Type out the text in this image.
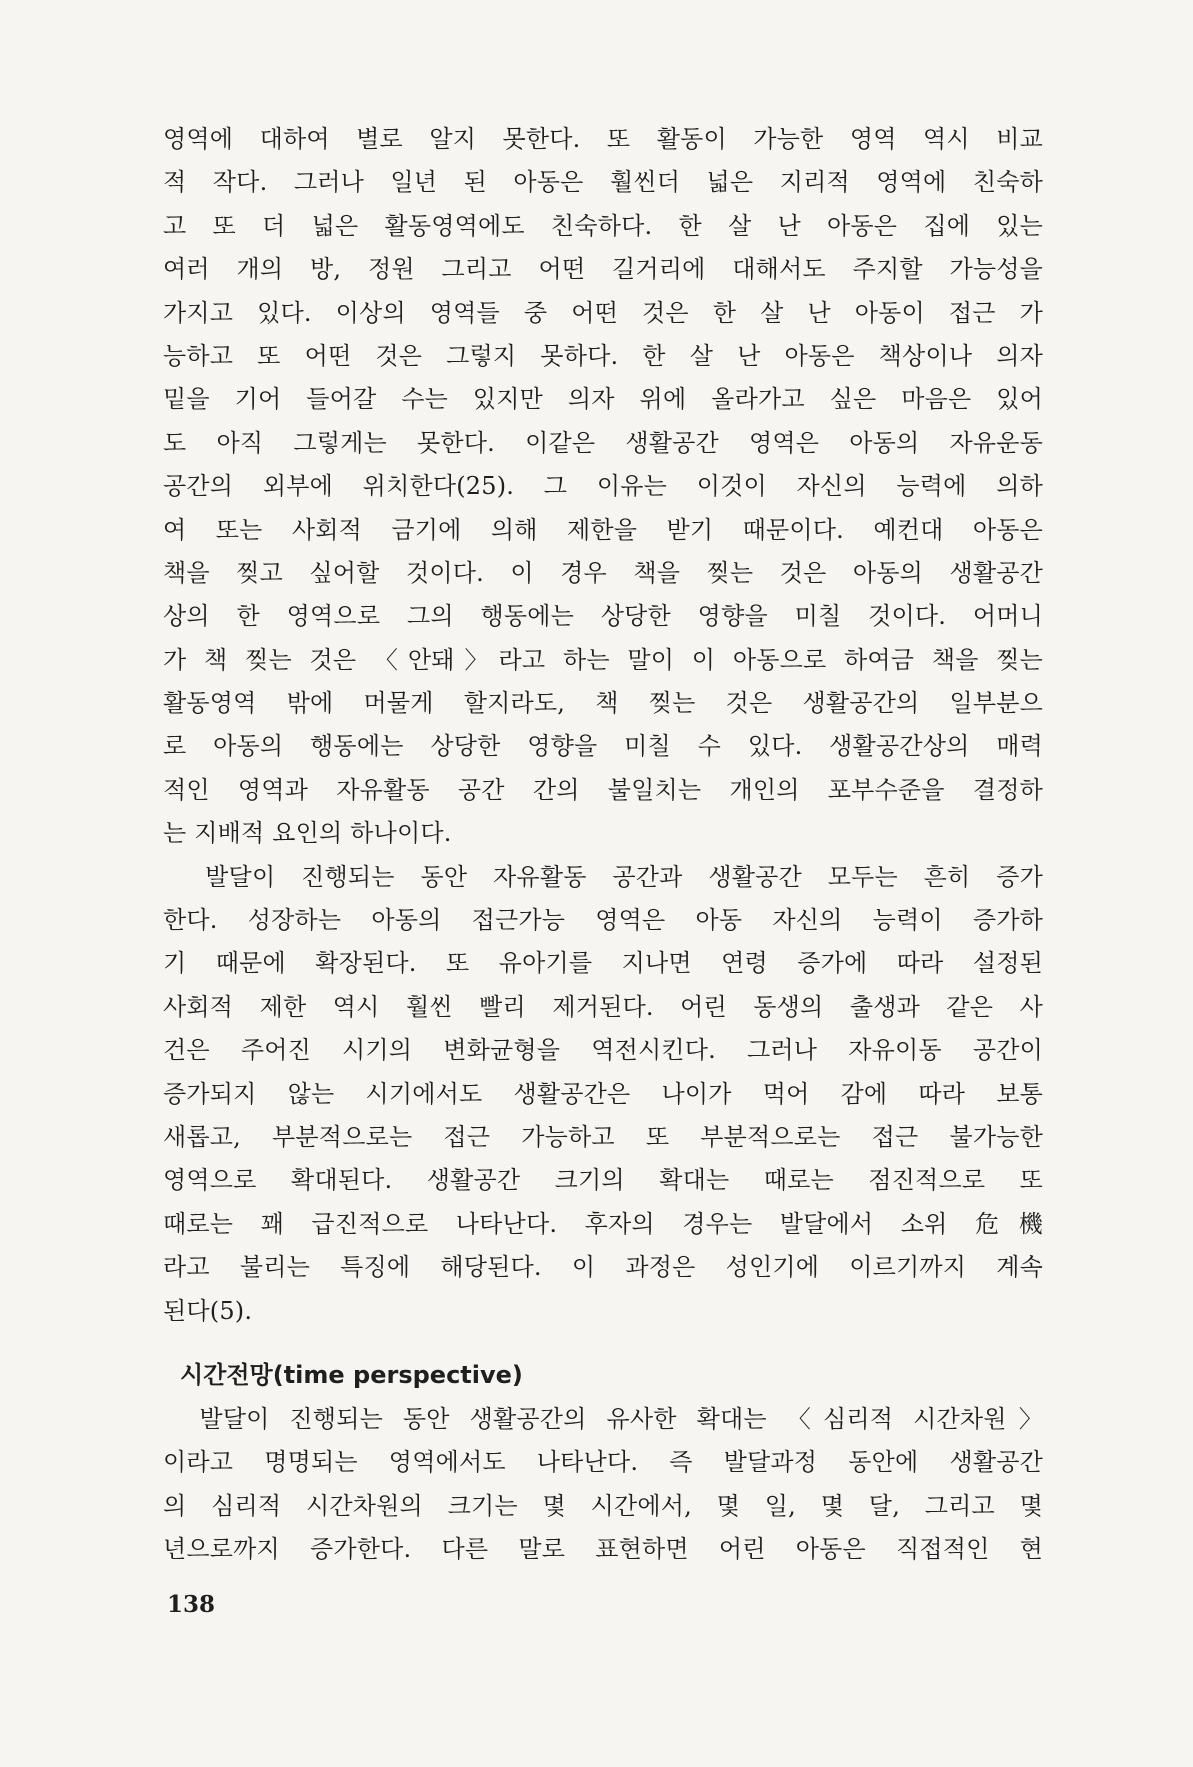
영역에 대하여 별로 알지 못한다. 또 활동이 가능한 영역 역시 비교
적 작다. 그러나 일년 된 아동은 훨씬더 넓은 지리적 영역에 친숙하
고 또 더 넓은 활동영역에도 친숙하다. 한 살 난 아동은 집에 있는
여러 개의 방, 정원 그리고 어떤 길거리에 대해서도 주지할 가능성을
가지고 있다. 이상의 영역들 중 어떤 것은 한 살 난 아동이 접근 가
능하고 또 어떤 것은 그렇지 못하다. 한 살 난 아동은 책상이나 의자
밑을 기어 들어갈 수는 있지만 의자 위에 올라가고 싶은 마음은 있어
도 아직 그렇게는 못한다. 이같은 생활공간 영역은 아동의 자유운동
공간의 외부에 위치한다(25). 그 이유는 이것이 자신의 능력에 의하
여 또는 사회적 금기에 의해 제한을 받기 때문이다. 예컨대 아동은
책을 찢고 싶어할 것이다. 이 경우 책을 찢는 것은 아동의 생활공간
상의 한 영역으로 그의 행동에는 상당한 영향을 미칠 것이다. 어머니
가 책 찢는 것은 〈안돼〉라고 하는 말이 이 아동으로 하여금 책을 찢는
활동영역 밖에 머물게 할지라도, 책 찢는 것은 생활공간의 일부분으
로 아동의 행동에는 상당한 영향을 미칠 수 있다. 생활공간상의 매력
적인 영역과 자유활동 공간 간의 불일치는 개인의 포부수준을 결정하
는 지배적 요인의 하나이다.
　발달이 진행되는 동안 자유활동 공간과 생활공간 모두는 흔히 증가
한다. 성장하는 아동의 접근가능 영역은 아동 자신의 능력이 증가하
기 때문에 확장된다. 또 유아기를 지나면 연령 증가에 따라 설정된
사회적 제한 역시 훨씬 빨리 제거된다. 어린 동생의 출생과 같은 사
건은 주어진 시기의 변화균형을 역전시킨다. 그러나 자유이동 공간이
증가되지 않는 시기에서도 생활공간은 나이가 먹어 감에 따라 보통
새롭고, 부분적으로는 접근 가능하고 또 부분적으로는 접근 불가능한
영역으로 확대된다. 생활공간 크기의 확대는 때로는 점진적으로 또
때로는 꽤 급진적으로 나타난다. 후자의 경우는 발달에서 소위 危機
라고 불리는 특징에 해당된다. 이 과정은 성인기에 이르기까지 계속
된다(5).
시간전망(time perspective)
　발달이 진행되는 동안 생활공간의 유사한 확대는 〈심리적 시간차원〉
이라고 명명되는 영역에서도 나타난다. 즉 발달과정 동안에 생활공간
의 심리적 시간차원의 크기는 몇 시간에서, 몇 일, 몇 달, 그리고 몇
년으로까지 증가한다. 다른 말로 표현하면 어린 아동은 직접적인 현
138
